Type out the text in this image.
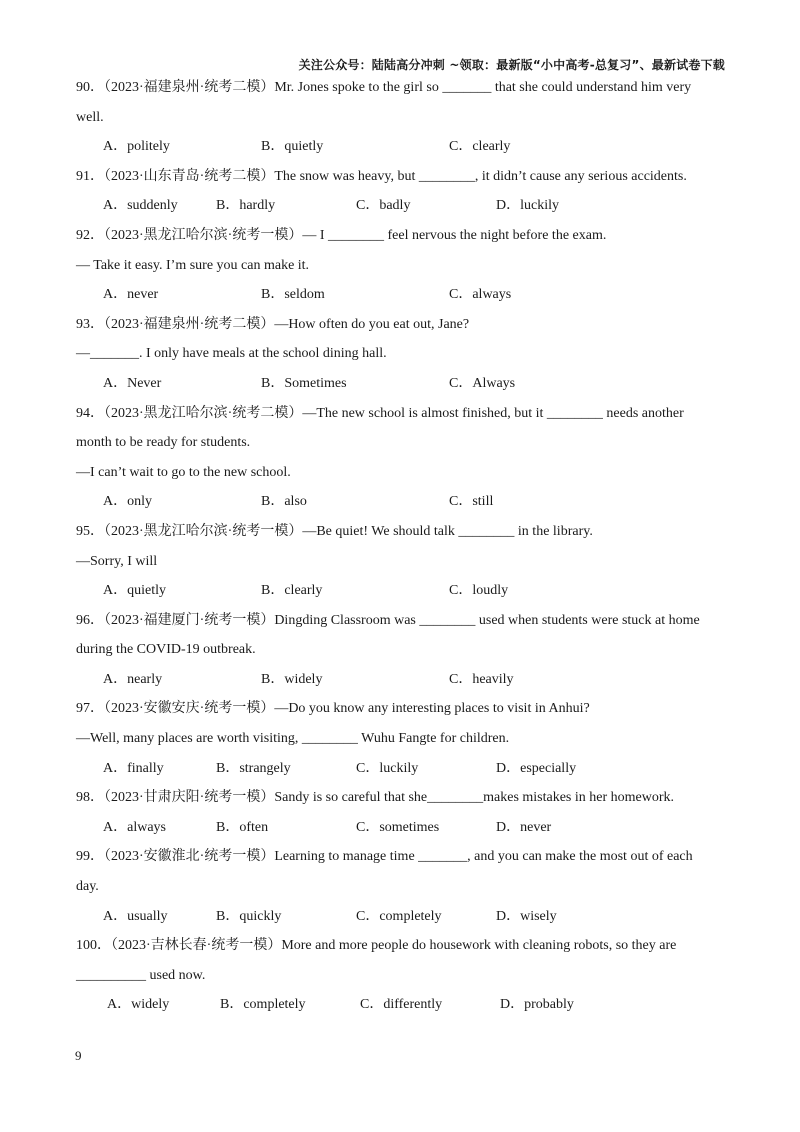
关注公众号：陆陆高分冲刺 ~领取：最新版“小中高考-总复习”、最新试卷下载
90．（2023·福建泉州·统考二模）Mr. Jones spoke to the girl so _______ that she could understand him very
well.
A．politely	B．quietly	C．clearly
91．（2023·山东青岛·统考二模）The snow was heavy, but ________, it didn’t cause any serious accidents.
A．suddenly	B．hardly	C．badly	D．luckily
92．（2023·黑龙江哈尔滨·统考一模）— I ________ feel nervous the night before the exam.
— Take it easy. I’m sure you can make it.
A．never	B．seldom	C．always
93．（2023·福建泉州·统考二模）—How often do you eat out, Jane?
—_______. I only have meals at the school dining hall.
A．Never	B．Sometimes	C．Always
94．（2023·黑龙江哈尔滨·统考二模）—The new school is almost finished, but it ________ needs another
month to be ready for students.
—I can’t wait to go to the new school.
A．only	B．also	C．still
95．（2023·黑龙江哈尔滨·统考一模）—Be quiet! We should talk ________ in the library.
—Sorry, I will
A．quietly	B．clearly	C．loudly
96．（2023·福建厦门·统考一模）Dingding Classroom was ________ used when students were stuck at home
during the COVID-19 outbreak.
A．nearly	B．widely	C．heavily
97．（2023·安徽安庆·统考一模）—Do you know any interesting places to visit in Anhui?
—Well, many places are worth visiting, ________ Wuhu Fangte for children.
A．finally	B．strangely	C．luckily	D．especially
98．（2023·甘肃庆阳·统考一模）Sandy is so careful that she________makes mistakes in her homework.
A．always	B．often	C．sometimes	D．never
99．（2023·安徽淮北·统考一模）Learning to manage time _______, and you can make the most out of each
day.
A．usually	B．quickly	C．completely	D．wisely
100．（2023·吉林长春·统考一模）More and more people do housework with cleaning robots, so they are
__________ used now.
A．widely	B．completely	C．differently	D．probably
9
